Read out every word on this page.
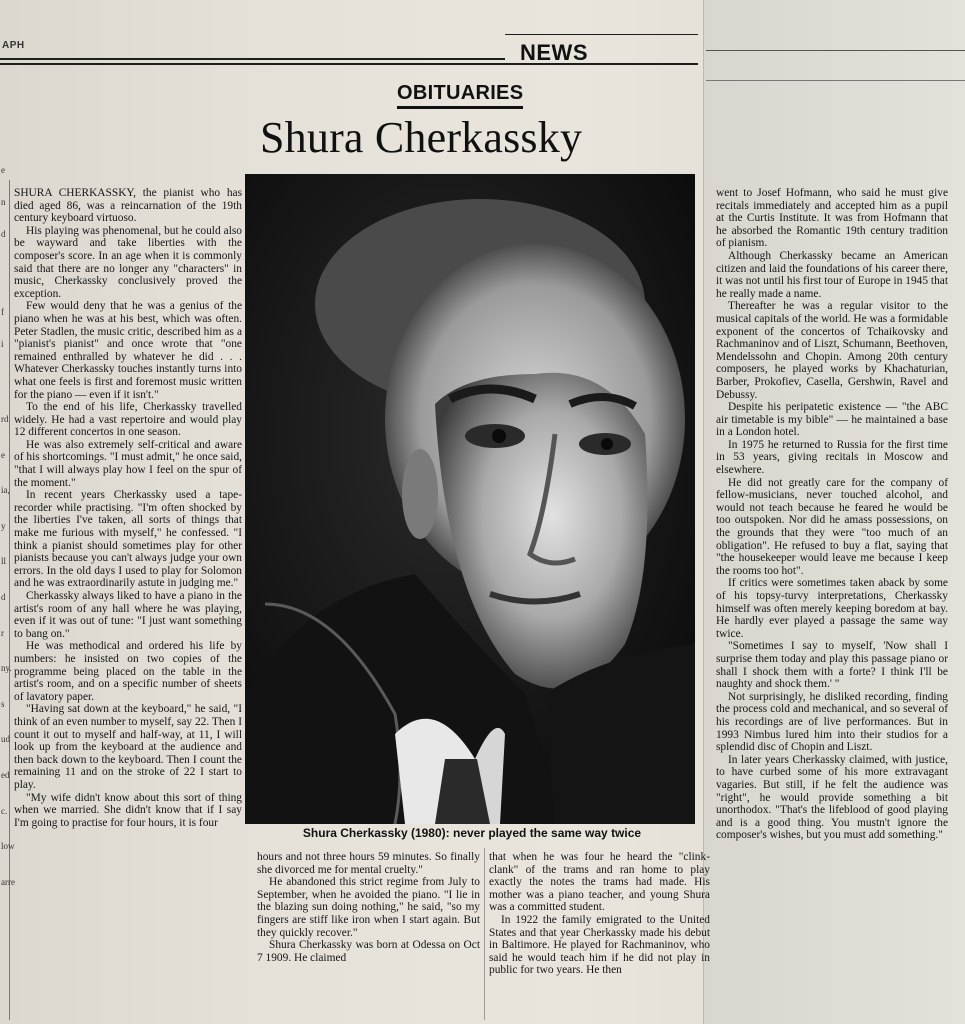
APH	NEWS
OBITUARIES
Shura Cherkassky
e
n
d
f
i
rd
e
ia,
y
ll
d
r
ny.
s
ud
ed
c.
low
arre

SHURA CHERKASSKY, the pianist who has died aged 86, was a reincarnation of the 19th century keyboard virtuoso.

His playing was phenomenal, but he could also be wayward and take liberties with the composer's score. In an age when it is commonly said that there are no longer any "characters" in music, Cherkassky conclusively proved the exception.

Few would deny that he was a genius of the piano when he was at his best, which was often. Peter Stadlen, the music critic, described him as a "pianist's pianist" and once wrote that "one remained enthralled by whatever he did . . . Whatever Cherkassky touches instantly turns into what one feels is first and foremost music written for the piano — even if it isn't."

To the end of his life, Cherkassky travelled widely. He had a vast repertoire and would play 12 different concertos in one season.

He was also extremely self-critical and aware of his shortcomings. "I must admit," he once said, "that I will always play how I feel on the spur of the moment."

In recent years Cherkassky used a tape-recorder while practising. "I'm often shocked by the liberties I've taken, all sorts of things that make me furious with myself," he confessed. "I think a pianist should sometimes play for other pianists because you can't always judge your own errors. In the old days I used to play for Solomon and he was extraordinarily astute in judging me."

Cherkassky always liked to have a piano in the artist's room of any hall where he was playing, even if it was out of tune: "I just want something to bang on."

He was methodical and ordered his life by numbers: he insisted on two copies of the programme being placed on the table in the artist's room, and on a specific number of sheets of lavatory paper.

"Having sat down at the keyboard," he said, "I think of an even number to myself, say 22. Then I count it out to myself and half-way, at 11, I will look up from the keyboard at the audience and then back down to the keyboard. Then I count the remaining 11 and on the stroke of 22 I start to play.

"My wife didn't know about this sort of thing when we married. She didn't know that if I say I'm going to practise for four hours, it is four

Shura Cherkassky (1980): never played the same way twice

hours and not three hours 59 minutes. So finally she divorced me for mental cruelty."

He abandoned this strict regime from July to September, when he avoided the piano. "I lie in the blazing sun doing nothing," he said, "so my fingers are stiff like iron when I start again. But they quickly recover."

Shura Cherkassky was born at Odessa on Oct 7 1909. He claimed

that when he was four he heard the "clink-clank" of the trams and ran home to play exactly the notes the trams had made. His mother was a piano teacher, and young Shura was a committed student.

In 1922 the family emigrated to the United States and that year Cherkassky made his debut in Baltimore. He played for Rachmaninov, who said he would teach him if he did not play in public for two years. He then

went to Josef Hofmann, who said he must give recitals immediately and accepted him as a pupil at the Curtis Institute. It was from Hofmann that he absorbed the Romantic 19th century tradition of pianism.

Although Cherkassky became an American citizen and laid the foundations of his career there, it was not until his first tour of Europe in 1945 that he really made a name.

Thereafter he was a regular visitor to the musical capitals of the world. He was a formidable exponent of the concertos of Tchaikovsky and Rachmaninov and of Liszt, Schumann, Beethoven, Mendelssohn and Chopin. Among 20th century composers, he played works by Khachaturian, Barber, Prokofiev, Casella, Gershwin, Ravel and Debussy.

Despite his peripatetic existence — "the ABC air timetable is my bible" — he maintained a base in a London hotel.

In 1975 he returned to Russia for the first time in 53 years, giving recitals in Moscow and elsewhere.

He did not greatly care for the company of fellow-musicians, never touched alcohol, and would not teach because he feared he would be too outspoken. Nor did he amass possessions, on the grounds that they were "too much of an obligation". He refused to buy a flat, saying that "the housekeeper would leave me because I keep the rooms too hot".

If critics were sometimes taken aback by some of his topsy-turvy interpretations, Cherkassky himself was often merely keeping boredom at bay. He hardly ever played a passage the same way twice.

"Sometimes I say to myself, 'Now shall I surprise them today and play this passage piano or shall I shock them with a forte? I think I'll be naughty and shock them.' "

Not surprisingly, he disliked recording, finding the process cold and mechanical, and so several of his recordings are of live performances. But in 1993 Nimbus lured him into their studios for a splendid disc of Chopin and Liszt.

In later years Cherkassky claimed, with justice, to have curbed some of his more extravagant vagaries. But still, if he felt the audience was "right", he would provide something a bit unorthodox. "That's the lifeblood of good playing and is a good thing. You mustn't ignore the composer's wishes, but you must add something."
